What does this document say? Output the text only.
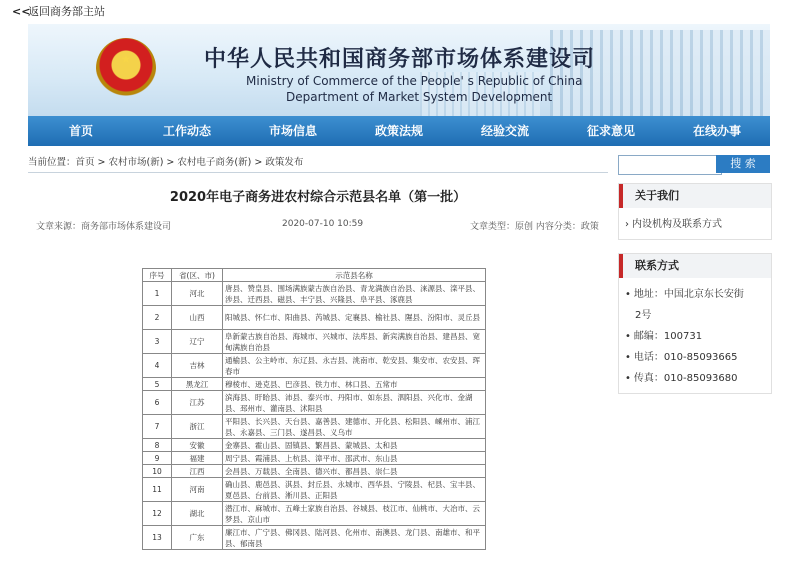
<<
返回商务部主站
★	中华人民共和国商务部市场体系建设司
Ministry of Commerce of the People' s Republic of China
Department of Market System Development
首页	工作动态	市场信息	政策法规	经验交流	征求意见	在线办事
当前位置：首页 > 农村市场(新) > 农村电子商务(新) > 政策发布	搜 索
2020年电子商务进农村综合示范县名单（第一批）
文章来源：商务部市场体系建设司	2020-07-10 10:59	文章类型：原创 内容分类：政策
关于我们
› 内设机构及联系方式
联系方式
• 地址：中国北京东长安街
2号
• 邮编：100731
• 电话：010-85093665
• 传真：010-85093680
序号	省(区、市)	示范县名称
1	河北	唐县、赞皇县、围场满族蒙古族自治县、青龙满族自治县、涞源县、滦平县、涉县、迁西县、磁县、丰宁县、兴隆县、阜平县、涿鹿县
2	山西	阳城县、怀仁市、阳曲县、芮城县、定襄县、榆社县、隰县、汾阳市、灵丘县
3	辽宁	阜新蒙古族自治县、海城市、兴城市、法库县、新宾满族自治县、建昌县、宽甸满族自治县
4	吉林	通榆县、公主岭市、东辽县、永吉县、洮南市、乾安县、集安市、农安县、珲春市
5	黑龙江	穆棱市、逊克县、巴彦县、铁力市、林口县、五常市
6	江苏	滨海县、盱眙县、沛县、泰兴市、丹阳市、如东县、泗阳县、兴化市、金湖县、邳州市、灌南县、沭阳县
7	浙江	平阳县、长兴县、天台县、嘉善县、建德市、开化县、松阳县、嵊州市、浦江县、永嘉县、三门县、遂昌县、义乌市
8	安徽	金寨县、霍山县、固镇县、繁昌县、蒙城县、太和县
9	福建	周宁县、霞浦县、上杭县、漳平市、邵武市、东山县
10	江西	会昌县、万载县、全南县、德兴市、都昌县、崇仁县
11	河南	确山县、鹿邑县、淇县、封丘县、永城市、西华县、宁陵县、杞县、宝丰县、夏邑县、台前县、淅川县、正阳县
12	湖北	潜江市、麻城市、五峰土家族自治县、谷城县、枝江市、仙桃市、大冶市、云梦县、京山市
13	广东	廉江市、广宁县、佛冈县、陆河县、化州市、南澳县、龙门县、南雄市、和平县、郁南县
